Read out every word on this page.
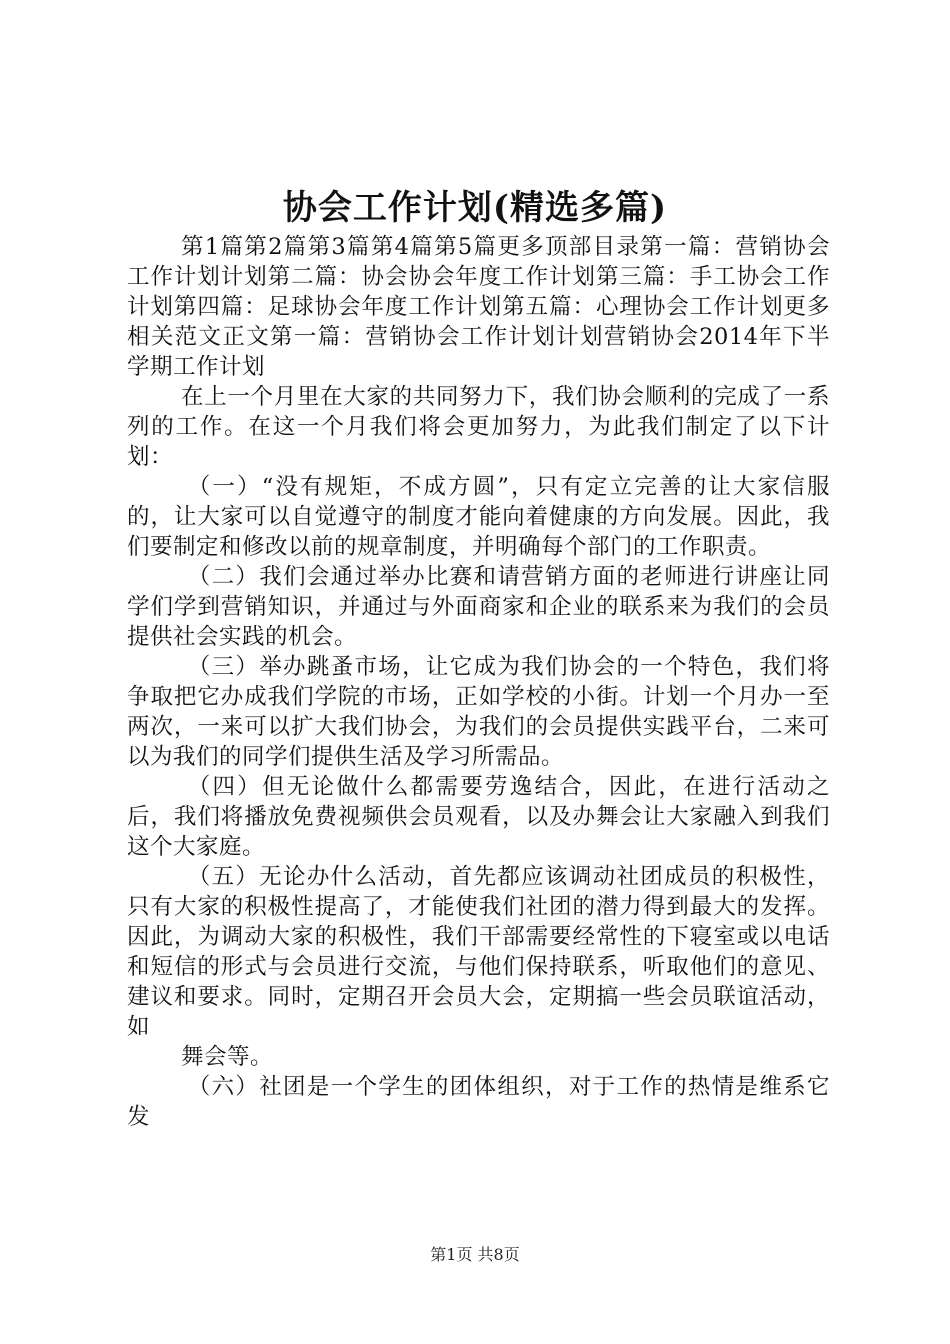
协会工作计划(精选多篇)

第1篇第2篇第3篇第4篇第5篇更多顶部目录第一篇：营销协会工作计划计划第二篇：协会协会年度工作计划第三篇：手工协会工作计划第四篇：足球协会年度工作计划第五篇：心理协会工作计划更多相关范文正文第一篇：营销协会工作计划计划营销协会2014年下半学期工作计划

在上一个月里在大家的共同努力下，我们协会顺利的完成了一系列的工作。在这一个月我们将会更加努力，为此我们制定了以下计划：

（一）“没有规矩，不成方圆”，只有定立完善的让大家信服的，让大家可以自觉遵守的制度才能向着健康的方向发展。因此，我们要制定和修改以前的规章制度，并明确每个部门的工作职责。

（二）我们会通过举办比赛和请营销方面的老师进行讲座让同学们学到营销知识，并通过与外面商家和企业的联系来为我们的会员提供社会实践的机会。

（三）举办跳蚤市场，让它成为我们协会的一个特色，我们将争取把它办成我们学院的市场，正如学校的小街。计划一个月办一至两次，一来可以扩大我们协会，为我们的会员提供实践平台，二来可以为我们的同学们提供生活及学习所需品。

（四）但无论做什么都需要劳逸结合，因此，在进行活动之后，我们将播放免费视频供会员观看，以及办舞会让大家融入到我们这个大家庭。

（五）无论办什么活动，首先都应该调动社团成员的积极性，只有大家的积极性提高了，才能使我们社团的潜力得到最大的发挥。因此，为调动大家的积极性，我们干部需要经常性的下寝室或以电话和短信的形式与会员进行交流，与他们保持联系，听取他们的意见、建议和要求。同时，定期召开会员大会，定期搞一些会员联谊活动，如

舞会等。

（六）社团是一个学生的团体组织，对于工作的热情是维系它发

第1页 共8页
